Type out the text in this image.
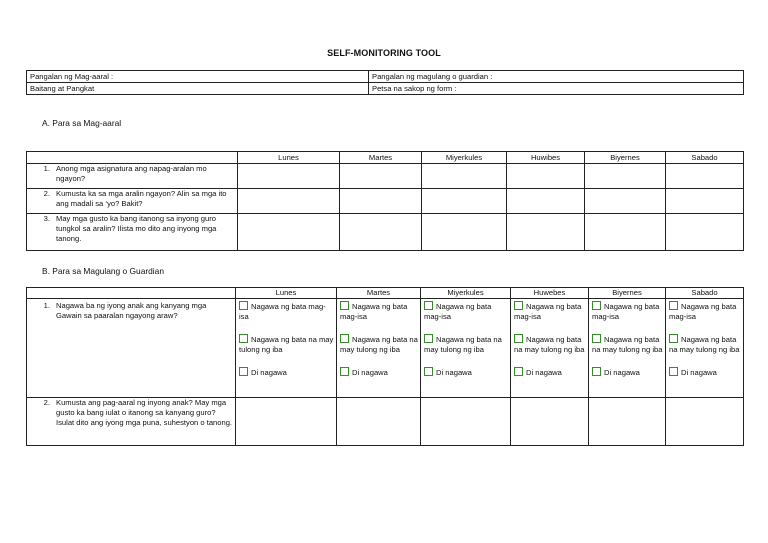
SELF-MONITORING TOOL
Pangalan ng Mag-aaral :	Pangalan ng magulang o guardian :
Baitang at Pangkat	Petsa na sakop ng form :
A. Para sa Mag-aaral
	Lunes	Martes	Miyerkules	Huwibes	Biyernes	Sabado

1. Anong mga asignatura ang napag-aralan mo ngayon?						

2. Kumusta ka sa mga aralin ngayon? Alin sa mga ito ang madali sa ‘yo? Bakit?						

3. May mga gusto ka bang itanong sa inyong guro tungkol sa aralin? Ilista mo dito ang inyong mga tanong.						

B. Para sa Magulang o Guardian
	Lunes	Martes	Miyerkules	Huwebes	Biyernes	Sabado

1. Nagawa ba ng iyong anak ang kanyang mga Gawain sa paaralan ngayong araw?	Nagawa ng bata mag-isa
Nagawa ng bata na may tulong ng iba
Di nagawa	Nagawa ng bata mag-isa
Nagawa ng bata na may tulong ng iba
Di nagawa	Nagawa ng bata mag-isa
Nagawa ng bata na may tulong ng iba
Di nagawa	Nagawa ng bata mag-isa
Nagawa ng bata na may tulong ng iba
Di nagawa	Nagawa ng bata mag-isa
Nagawa ng bata na may tulong ng iba
Di nagawa	Nagawa ng bata mag-isa
Nagawa ng bata na may tulong ng iba
Di nagawa

2. Kumusta ang pag-aaral ng inyong anak? May mga gusto ka bang iulat o itanong sa kanyang guro? Isulat dito ang iyong mga puna, suhestyon o tanong.						
